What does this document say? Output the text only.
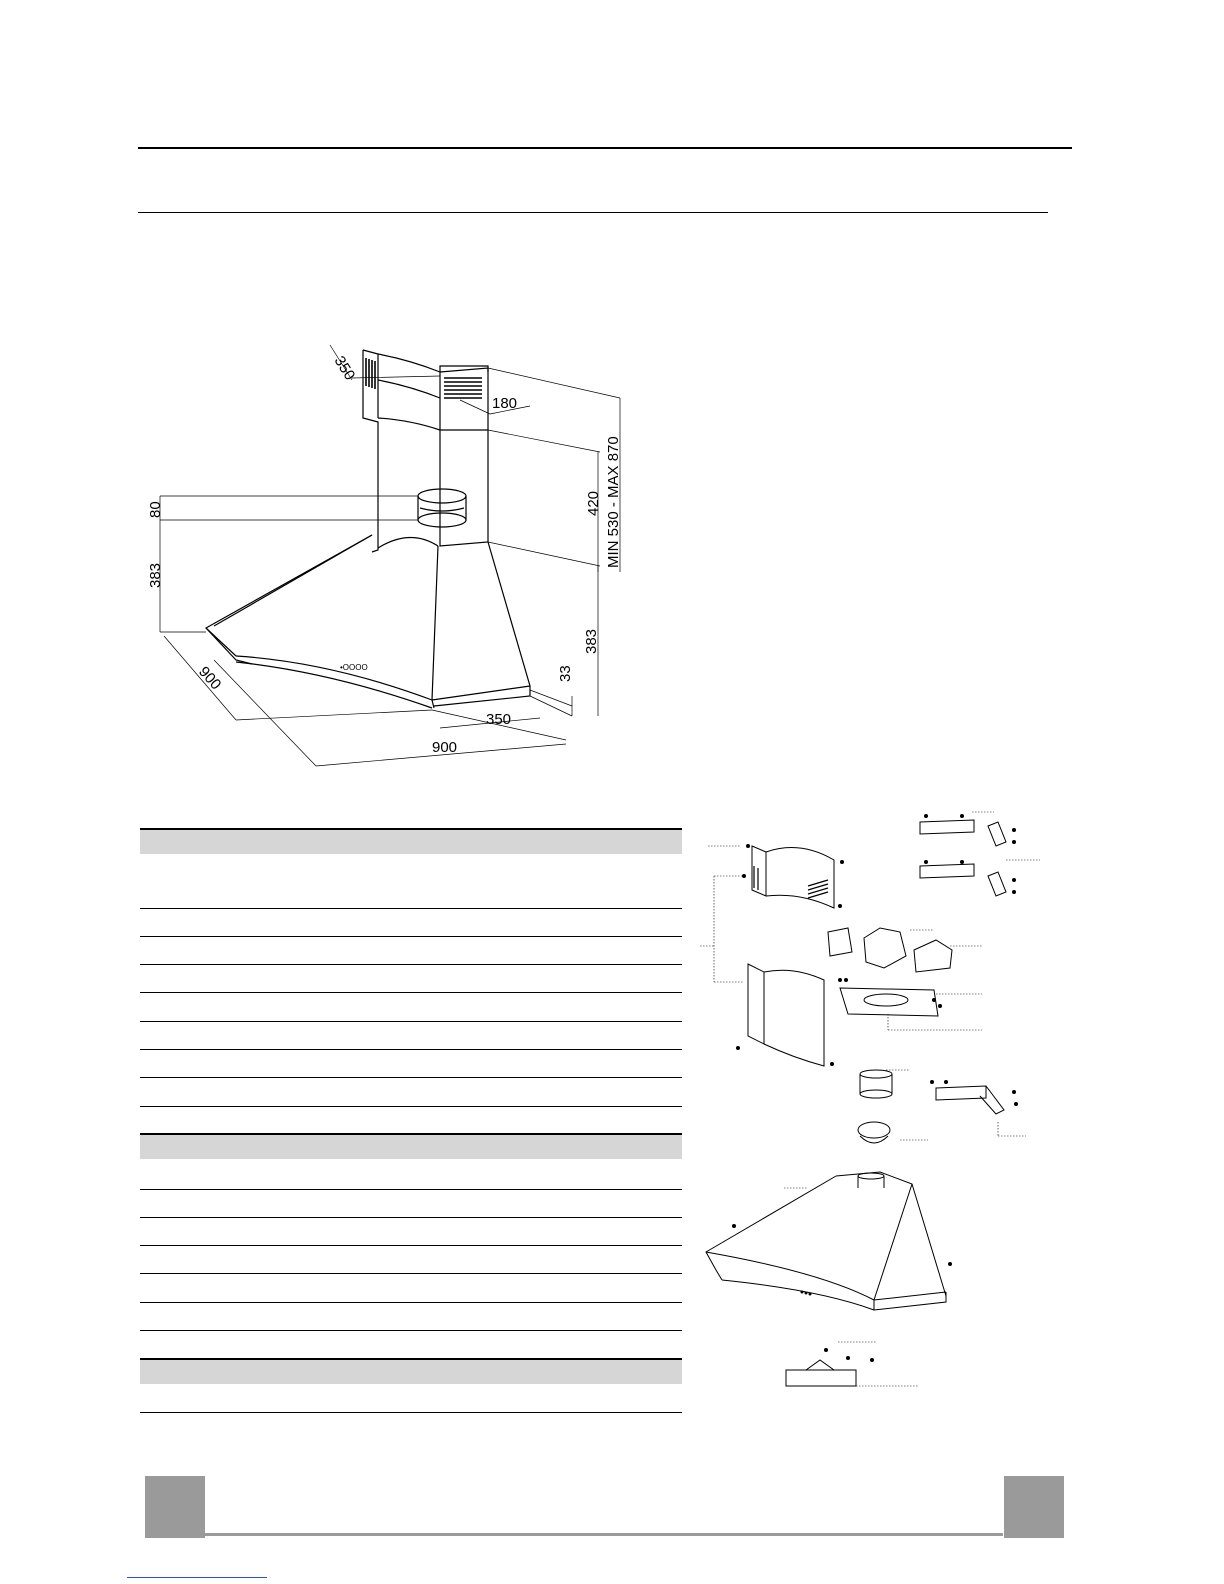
350
180
80	420 MIN 530 - MAX 870
383
383
33
900
350
900
•OOOO
